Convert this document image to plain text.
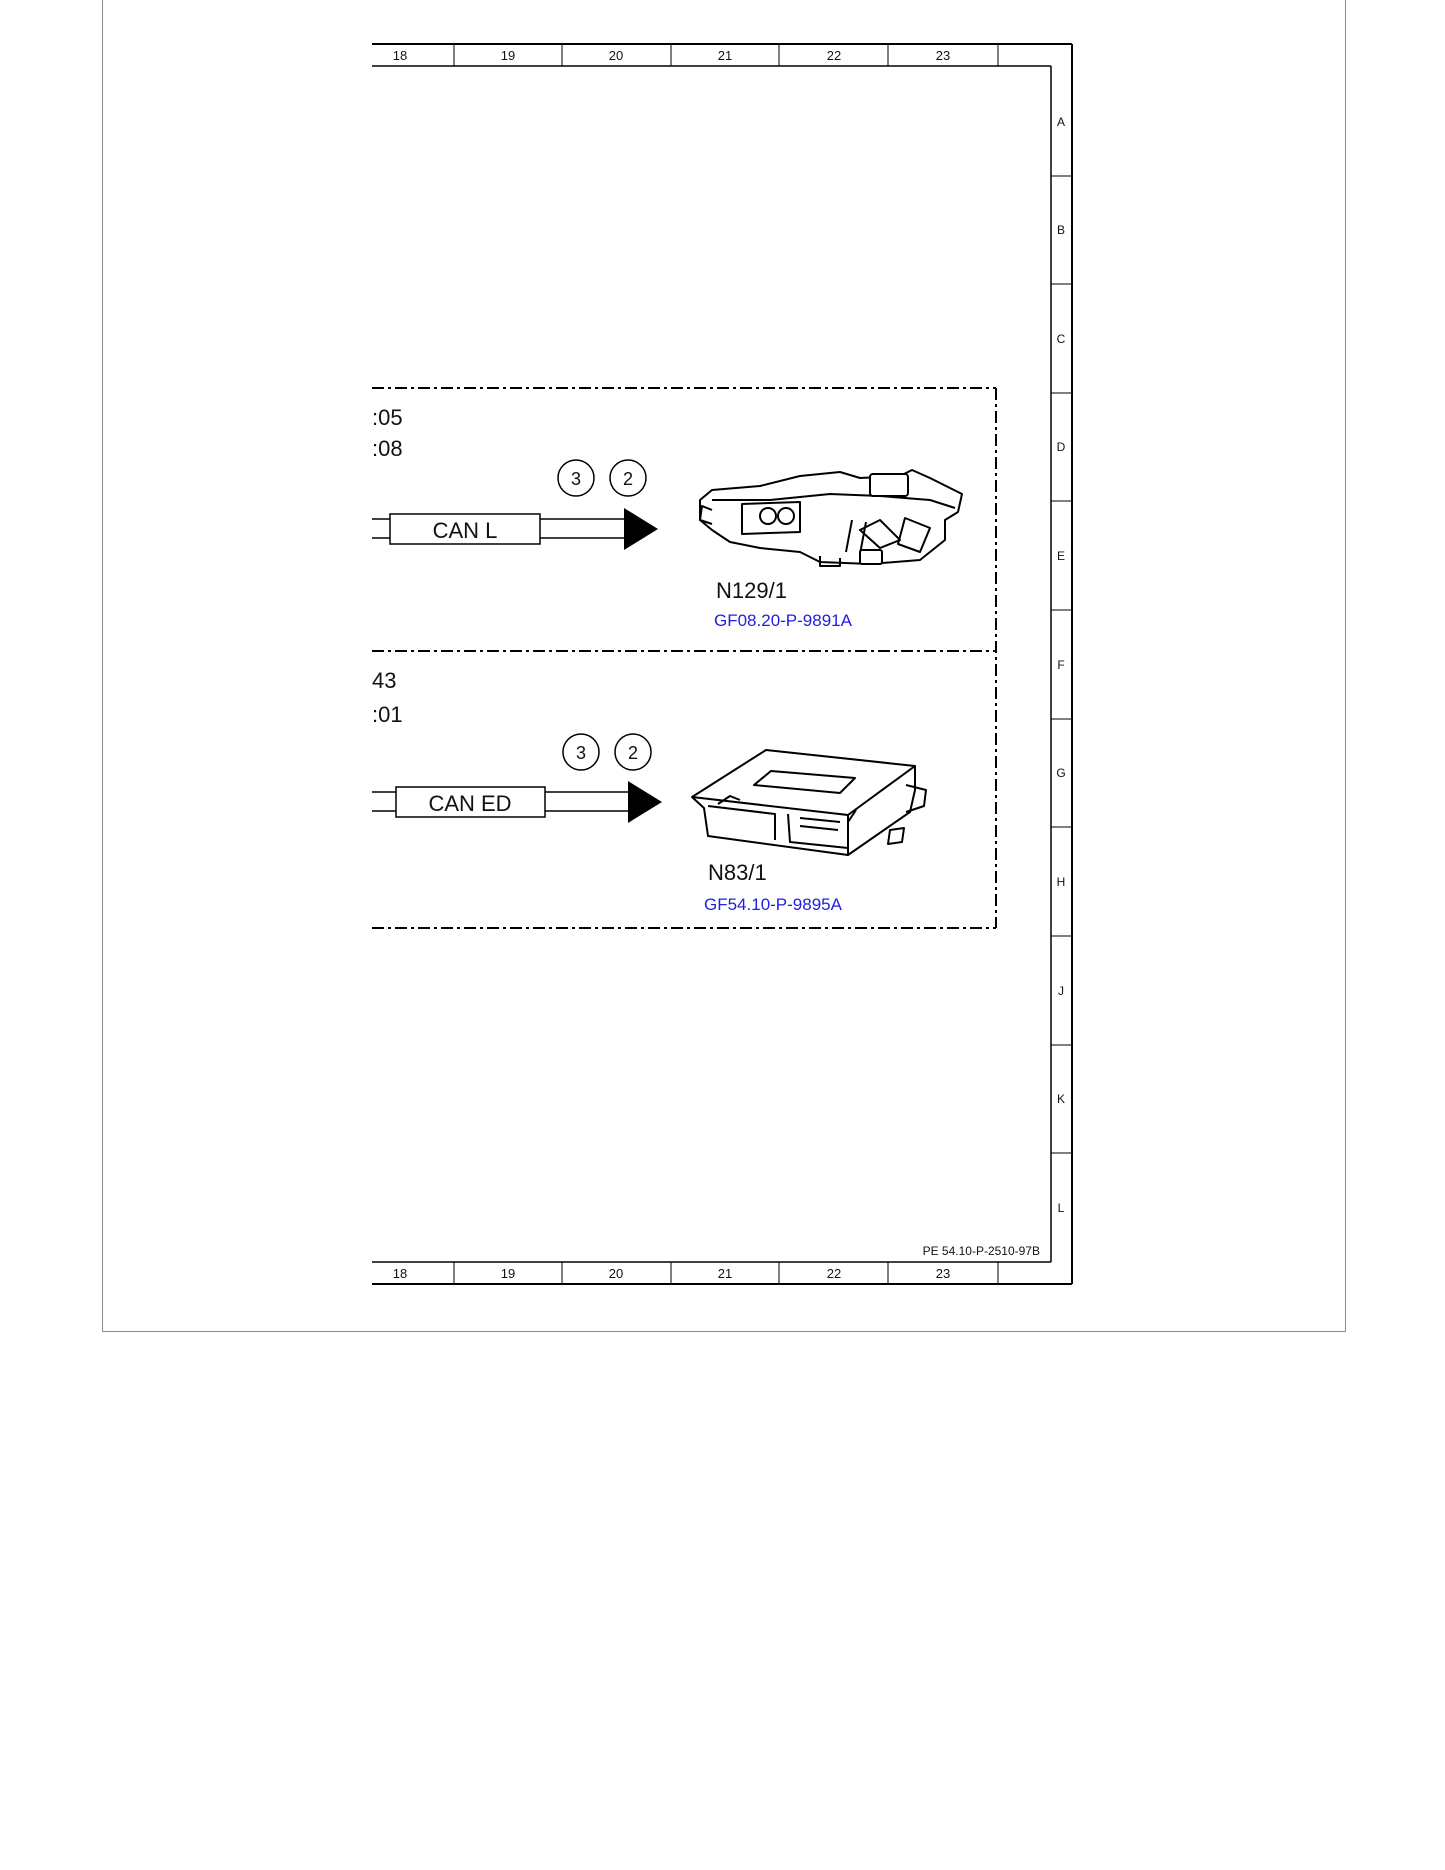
18	19	20	21	22	23
18	19	20	21	22	23
A
B
C
D
E
F
G
H
J
K
L
PE 54.10-P-2510-97B
:05
:08
CAN L
3 2
N129/1
GF08.20-P-9891A
43
:01
CAN ED
3 2
N83/1
GF54.10-P-9895A
